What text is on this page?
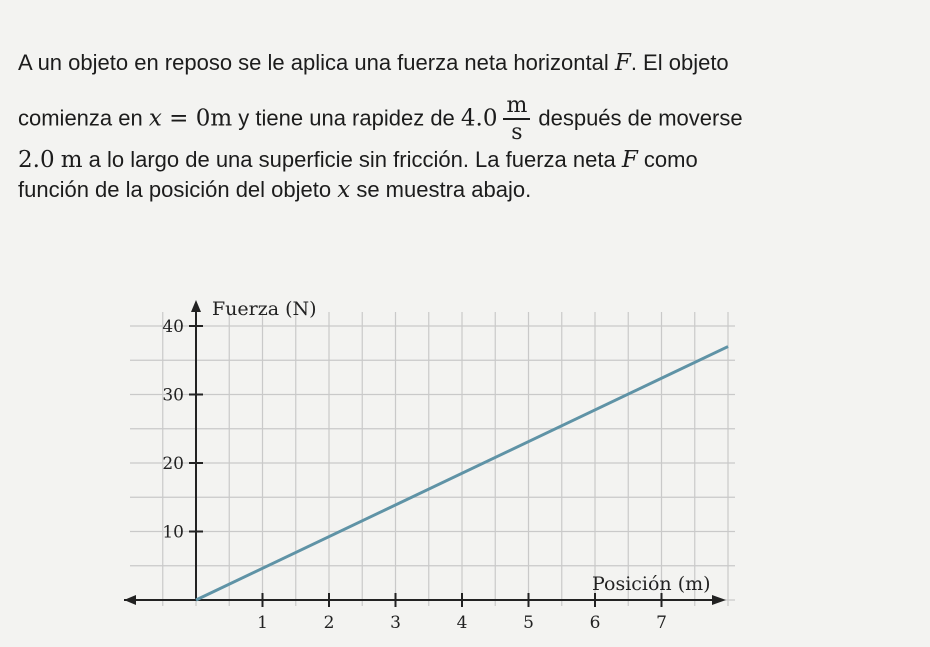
A un objeto en reposo se le aplica una fuerza neta horizontal F. El objeto
comienza en x = 0m y tiene una rapidez de $4.0 \frac{m}{s}$ después de moverse
2.0 m a lo largo de una superficie sin fricción. La fuerza neta F como
función de la posición del objeto x se muestra abajo.
10
20
30
40
1	2	3	4	5	6	7
Fuerza (N)
Posición (m)
